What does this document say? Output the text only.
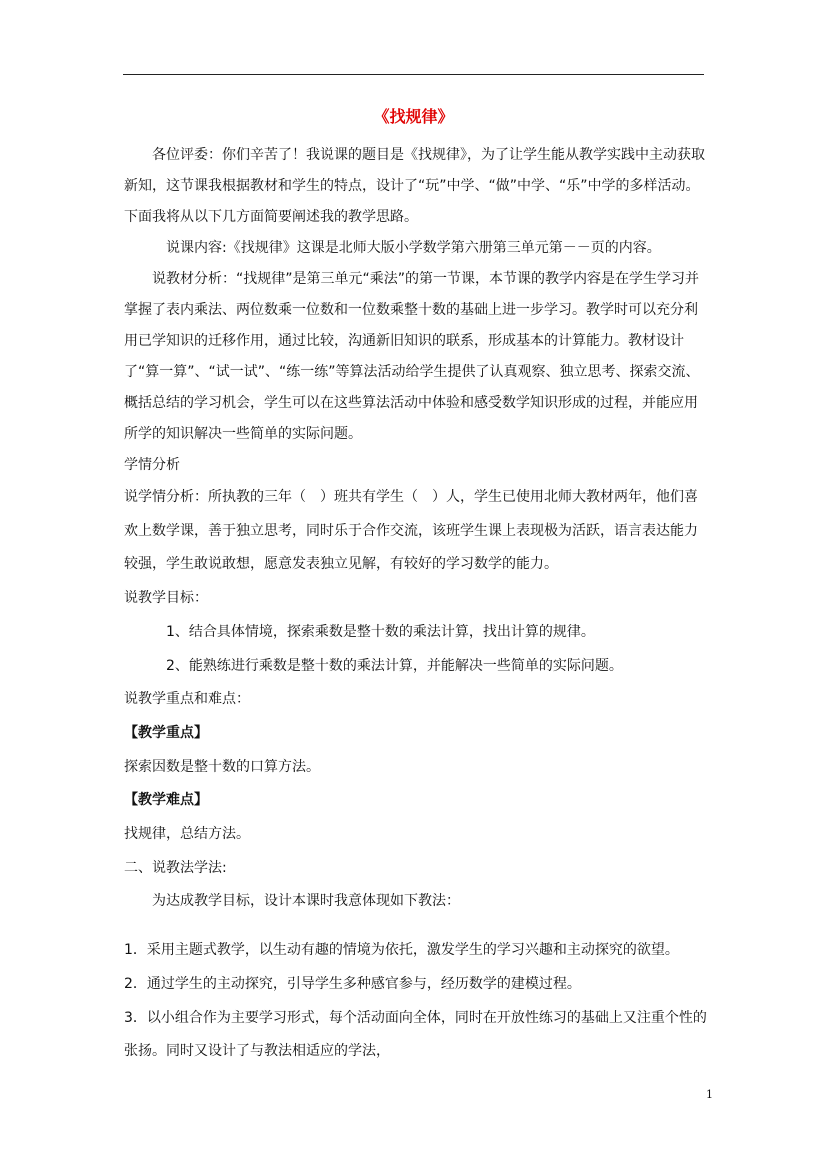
《找规律》

各位评委：你们辛苦了！我说课的题目是《找规律》，为了让学生能从教学实践中主动获取新知，这节课我根据教材和学生的特点，设计了“玩”中学、“做”中学、“乐”中学的多样活动。下面我将从以下几方面简要阐述我的教学思路。

说课内容:《找规律》这课是北师大版小学数学第六册第三单元第－－页的内容。

说教材分析：“找规律”是第三单元“乘法”的第一节课，本节课的教学内容是在学生学习并掌握了表内乘法、两位数乘一位数和一位数乘整十数的基础上进一步学习。教学时可以充分利用已学知识的迁移作用，通过比较，沟通新旧知识的联系，形成基本的计算能力。教材设计了“算一算”、“试一试”、“练一练”等算法活动给学生提供了认真观察、独立思考、探索交流、概括总结的学习机会，学生可以在这些算法活动中体验和感受数学知识形成的过程，并能应用所学的知识解决一些简单的实际问题。

学情分析

说学情分析：所执教的三年（　）班共有学生（　）人，学生已使用北师大教材两年，他们喜欢上数学课，善于独立思考，同时乐于合作交流，该班学生课上表现极为活跃，语言表达能力较强，学生敢说敢想，愿意发表独立见解，有较好的学习数学的能力。

说教学目标：

1、结合具体情境，探索乘数是整十数的乘法计算，找出计算的规律。

2、能熟练进行乘数是整十数的乘法计算，并能解决一些简单的实际问题。

说教学重点和难点：

【教学重点】

探索因数是整十数的口算方法。

【教学难点】

找规律，总结方法。

二、说教法学法:

为达成教学目标，设计本课时我意体现如下教法：

1．采用主题式教学，以生动有趣的情境为依托，激发学生的学习兴趣和主动探究的欲望。

2．通过学生的主动探究，引导学生多种感官参与，经历数学的建模过程。

3．以小组合作为主要学习形式，每个活动面向全体，同时在开放性练习的基础上又注重个性的张扬。同时又设计了与教法相适应的学法，

1
